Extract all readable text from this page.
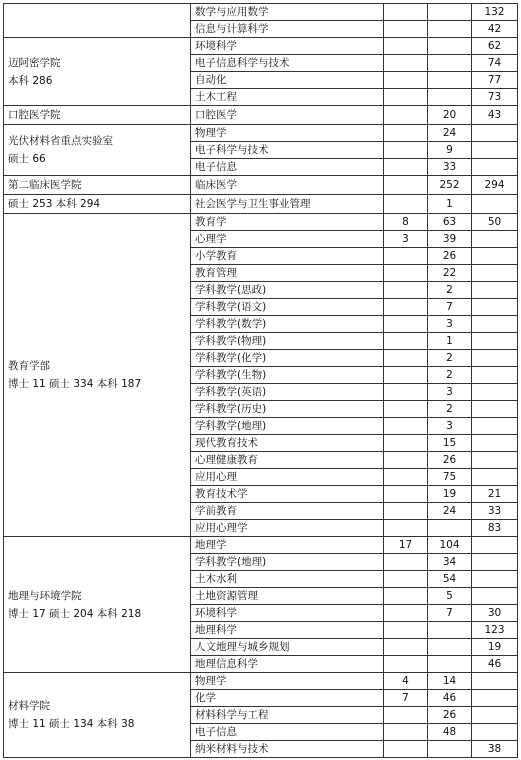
	数学与应用数学			132
	信息与计算科学			42

迈阿密学院
本科 286	环境科学			62
	电子信息科学与技术			74
	自动化			77
	土木工程			73

口腔医学院	口腔医学		20	43

光伏材料省重点实验室
硕士 66	物理学		24	
	电子科学与技术		9	
	电子信息		33	

第二临床医学院	临床医学		252	294

硕士 253 本科 294	社会医学与卫生事业管理		1	

教育学部
博士 11 硕士 334 本科 187	教育学	8	63	50
	心理学	3	39	
	小学教育		26	
	教育管理		22	
	学科教学(思政)		2	
	学科教学(语文)		7	
	学科教学(数学)		3	
	学科教学(物理)		1	
	学科教学(化学)		2	
	学科教学(生物)		2	
	学科教学(英语)		3	
	学科教学(历史)		2	
	学科教学(地理)		3	
	现代教育技术		15	
	心理健康教育		26	
	应用心理		75	
	教育技术学		19	21
	学前教育		24	33
	应用心理学			83

地理与环境学院
博士 17 硕士 204 本科 218	地理学	17	104	
	学科教学(地理)		34	
	土木水利		54	
	土地资源管理		5	
	环境科学		7	30
	地理科学			123
	人文地理与城乡规划			19
	地理信息科学			46

材料学院
博士 11 硕士 134 本科 38	物理学	4	14	
	化学	7	46	
	材料科学与工程		26	
	电子信息		48	
	纳米材料与技术			38
